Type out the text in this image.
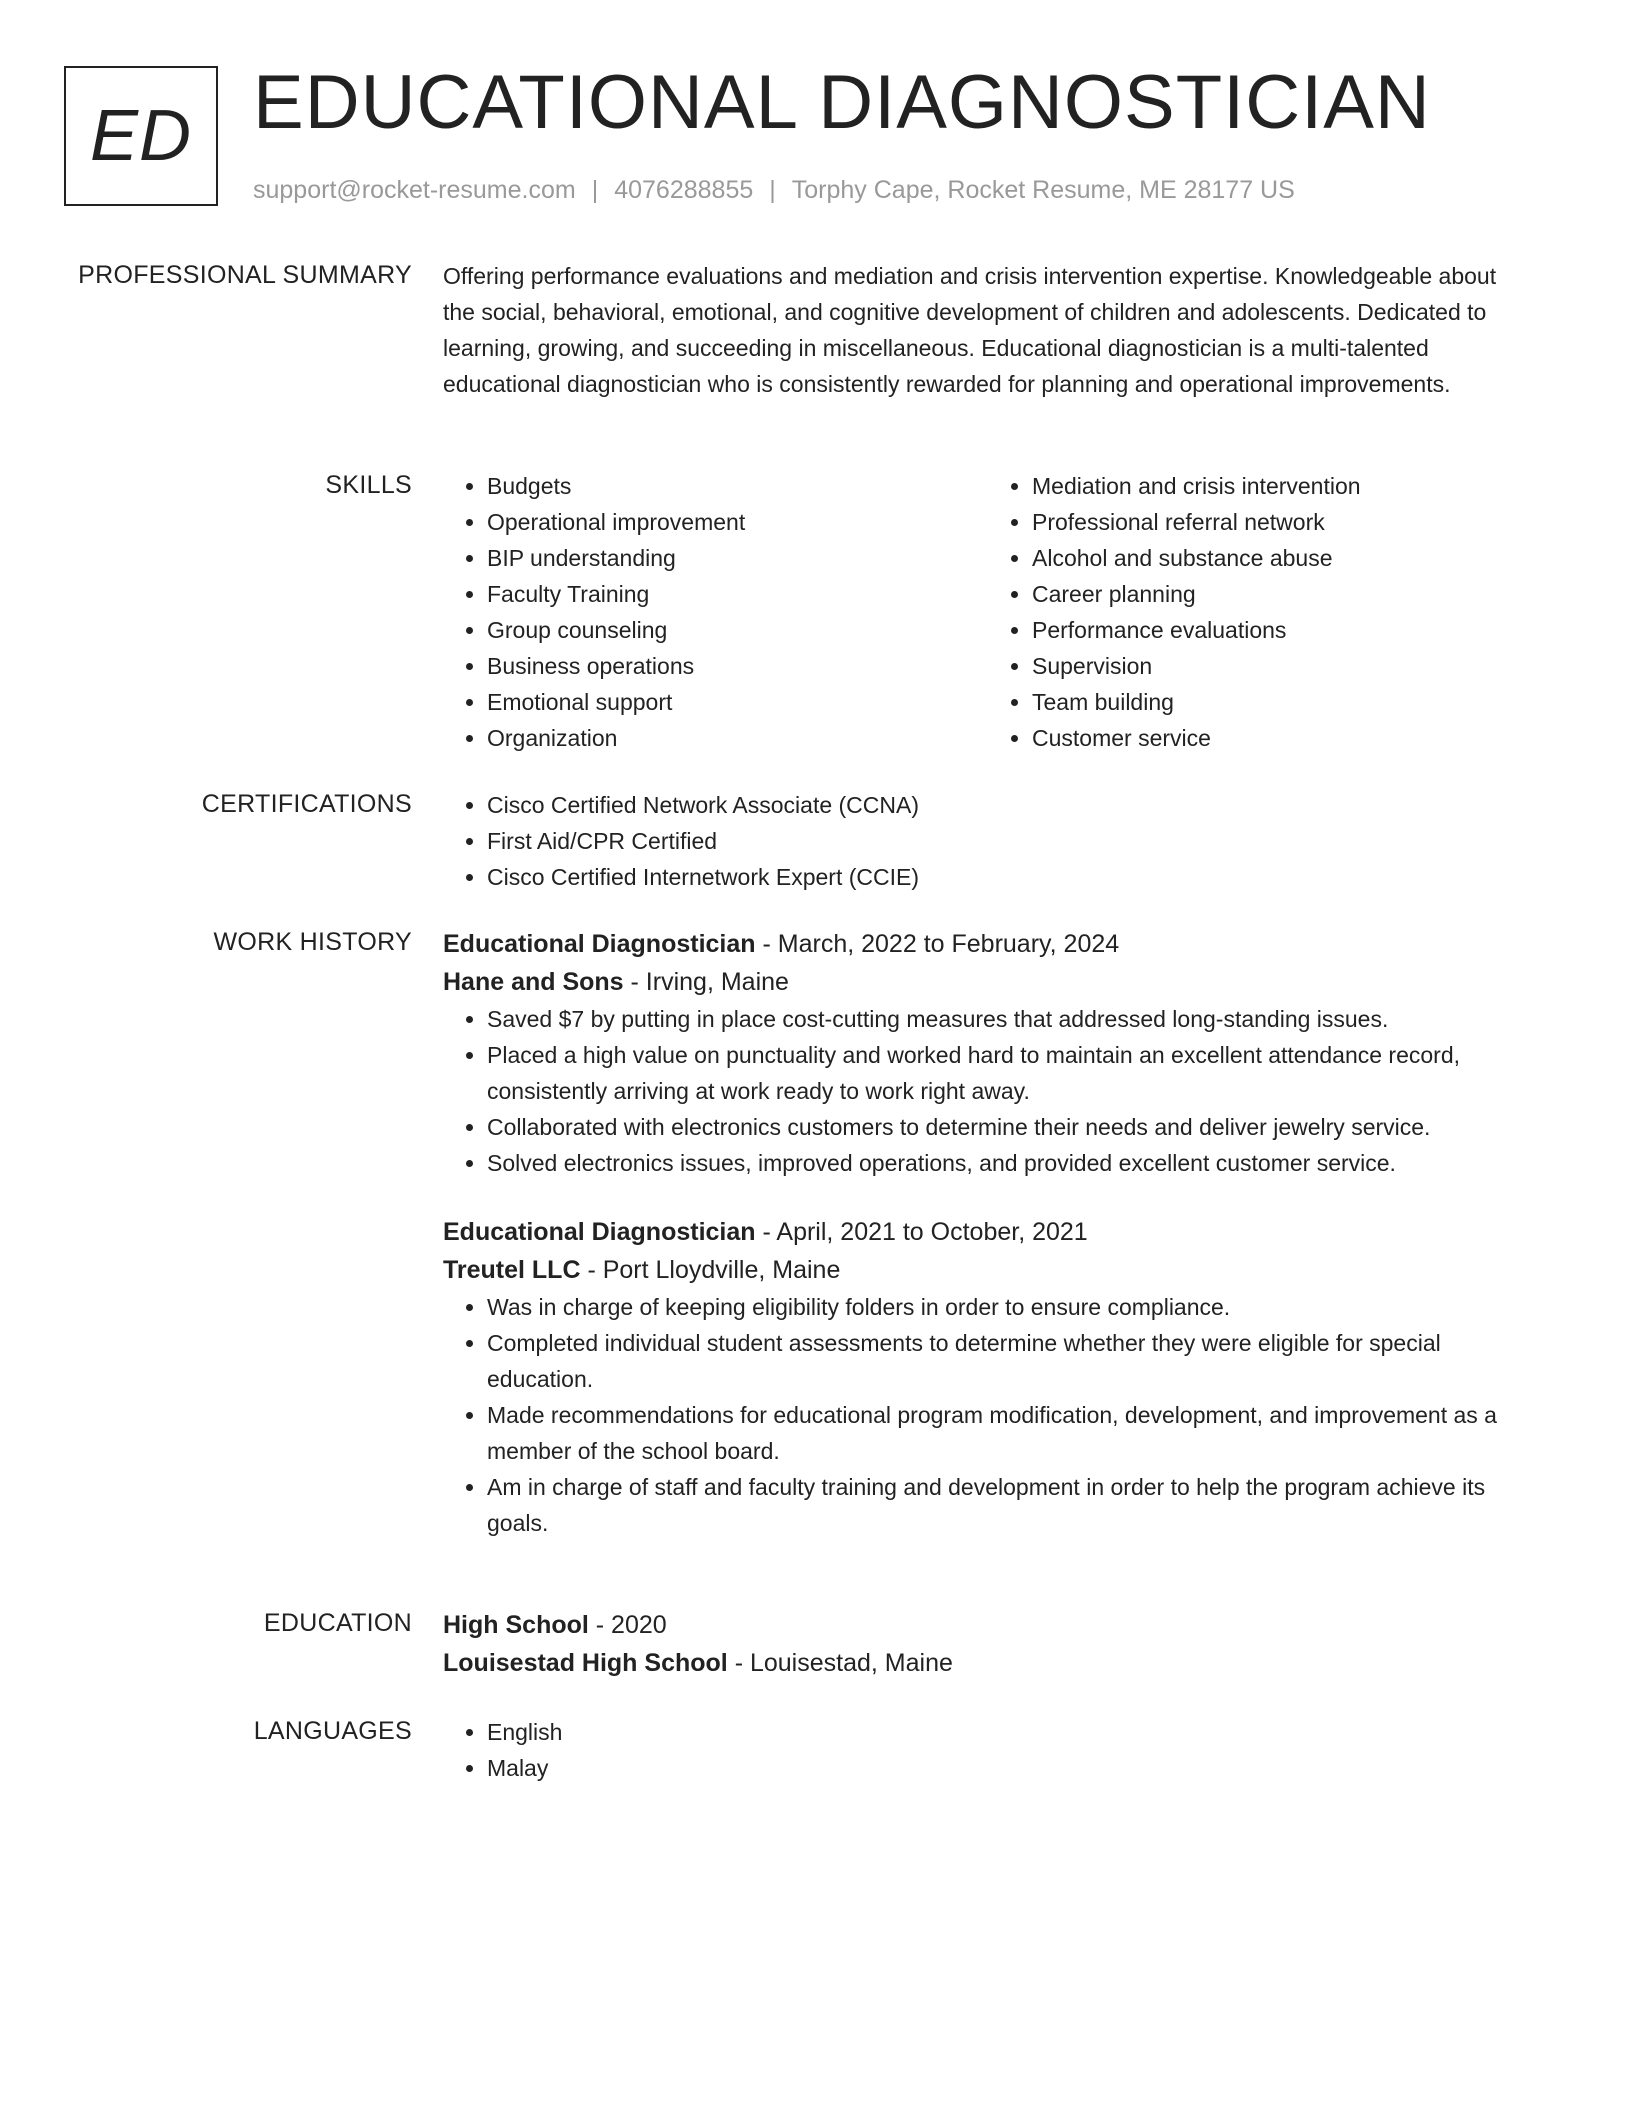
ED EDUCATIONAL DIAGNOSTICIAN
support@rocket-resume.com | 4076288855 | Torphy Cape, Rocket Resume, ME 28177 US
PROFESSIONAL SUMMARY Offering performance evaluations and mediation and crisis intervention expertise. Knowledgeable about the social, behavioral, emotional, and cognitive development of children and adolescents. Dedicated to learning, growing, and succeeding in miscellaneous. Educational diagnostician is a multi-talented educational diagnostician who is consistently rewarded for planning and operational improvements.

SKILLS	• Budgets
• Operational improvement
• BIP understanding
• Faculty Training
• Group counseling
• Business operations
• Emotional support
• Organization
• Mediation and crisis intervention
• Professional referral network
• Alcohol and substance abuse
• Career planning
• Performance evaluations
• Supervision
• Team building
• Customer service
CERTIFICATIONS	• Cisco Certified Network Associate (CCNA)
• First Aid/CPR Certified
• Cisco Certified Internetwork Expert (CCIE)
WORK HISTORY Educational Diagnostician - March, 2022 to February, 2024
Hane and Sons - Irving, Maine
• Saved $7 by putting in place cost-cutting measures that addressed long-standing issues.
• Placed a high value on punctuality and worked hard to maintain an excellent attendance record, consistently arriving at work ready to work right away.
• Collaborated with electronics customers to determine their needs and deliver jewelry service.
• Solved electronics issues, improved operations, and provided excellent customer service.
Educational Diagnostician - April, 2021 to October, 2021
Treutel LLC - Port Lloydville, Maine
• Was in charge of keeping eligibility folders in order to ensure compliance.
• Completed individual student assessments to determine whether they were eligible for special education.
• Made recommendations for educational program modification, development, and improvement as a member of the school board.
• Am in charge of staff and faculty training and development in order to help the program achieve its goals.
EDUCATION High School - 2020
Louisestad High School - Louisestad, Maine
LANGUAGES	• English
• Malay
